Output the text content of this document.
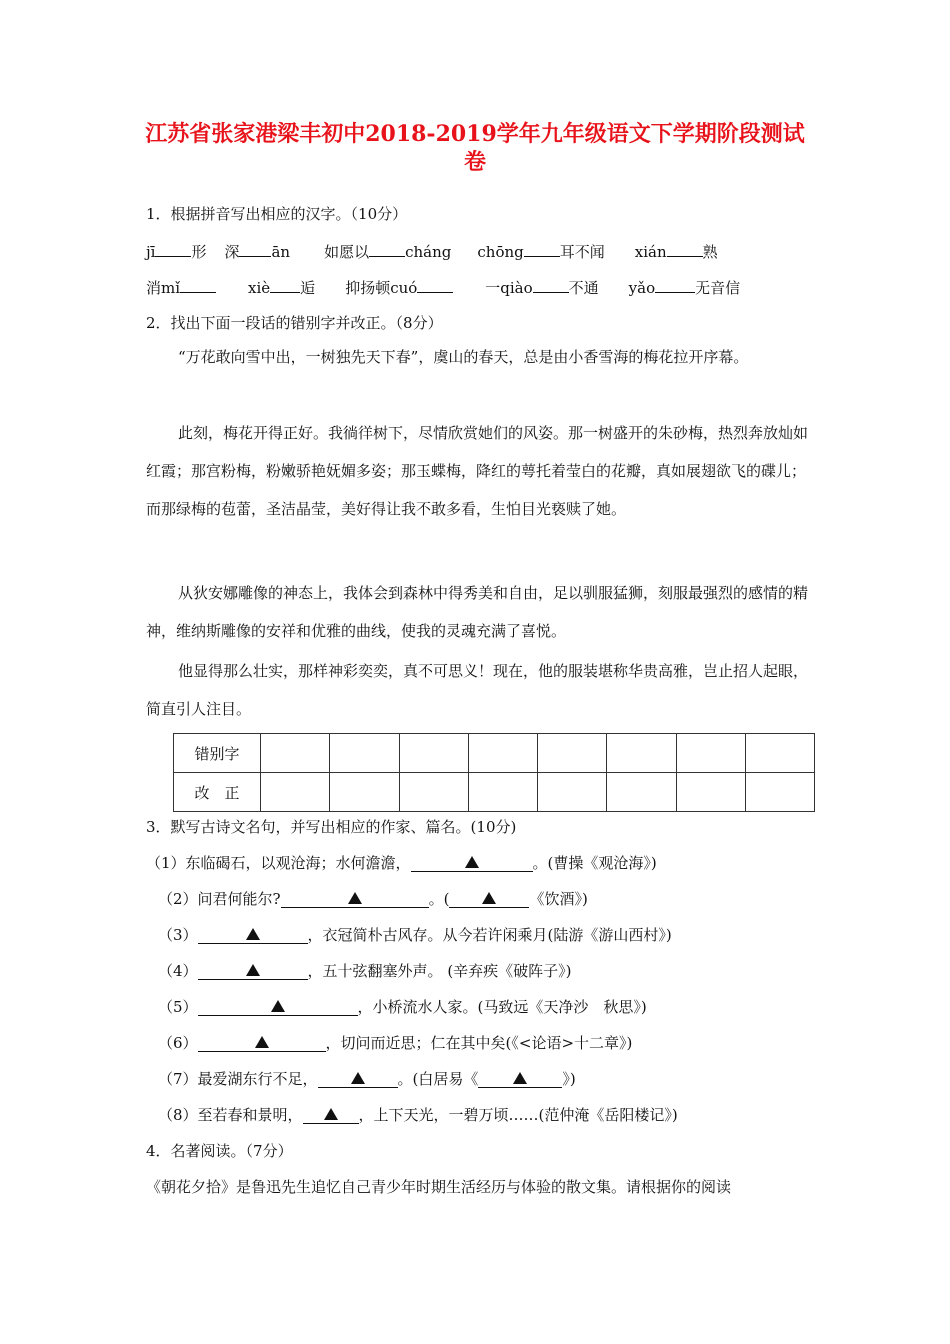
江苏省张家港梁丰初中2018-2019学年九年级语文下学期阶段测试卷
1．根据拼音写出相应的汉字。（10分）
jī 形 深 ān 如愿以 cháng chōng 耳不闻 xián 熟
消mǐ	xiè 逅 抑扬顿cuó	一qiào 不通 yǎo	无音信
2．找出下面一段话的错别字并改正。（8分）
“万花敢向雪中出，一树独先天下春”，虞山的春天，总是由小香雪海的梅花拉开序幕。
此刻，梅花开得正好。我徜徉树下，尽情欣赏她们的风姿。那一树盛开的朱砂梅，热烈奔放灿如红霞；那宫粉梅，粉嫩骄艳妩媚多姿；那玉蝶梅，降红的萼托着莹白的花瓣，真如展翅欲飞的碟儿；而那绿梅的苞蕾，圣洁晶莹，美好得让我不敢多看，生怕目光亵赎了她。
从狄安娜雕像的神态上，我体会到森林中得秀美和自由，足以驯服猛狮，刻服最强烈的感情的精神，维纳斯雕像的安祥和优雅的曲线，使我的灵魂充满了喜悦。
他显得那么壮实，那样神彩奕奕，真不可思义！现在，他的服装堪称华贵高雅，岂止招人起眼，简直引人注目。
错别字								
改　正								
3．默写古诗文名句，并写出相应的作家、篇名。(10分)
（1）东临碣石，以观沧海；水何澹澹，	。(曹操《观沧海》)
（2）问君何能尔?	。(	《饮酒》)
（3）	，衣冠简朴古风存。从今若许闲乘月(陆游《游山西村》)
（4）	，五十弦翻塞外声。 (辛弃疾《破阵子》)
（5）	，小桥流水人家。(马致远《天净沙　秋思》)
（6）	，切问而近思；仁在其中矣(《<论语>十二章》)
（7）最爱湖东行不足，	。(白居易《	》)
（8）至若春和景明，	，上下天光，一碧万顷……(范仲淹《岳阳楼记》)
4．名著阅读。（7分）
《朝花夕拾》是鲁迅先生追忆自己青少年时期生活经历与体验的散文集。请根据你的阅读
